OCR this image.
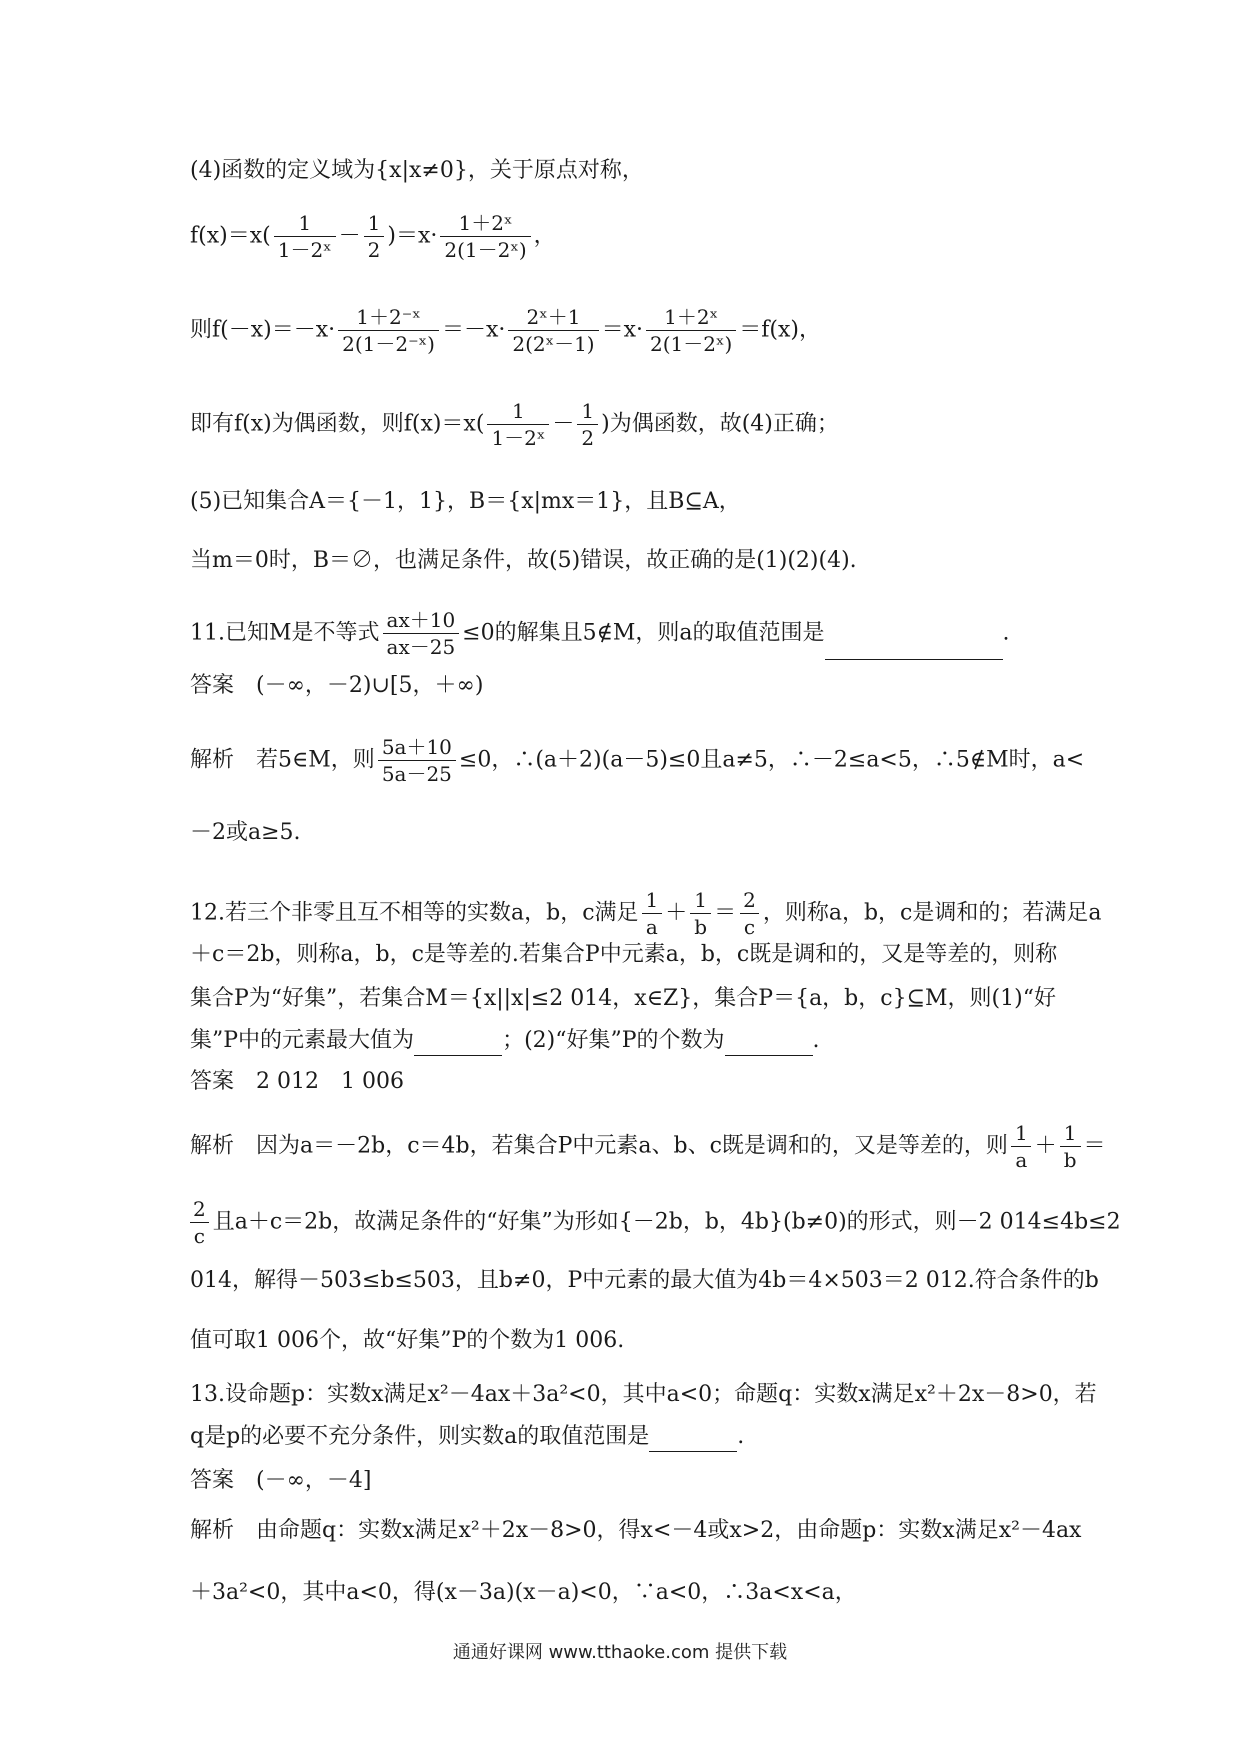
(4)函数的定义域为{x|x≠0}，关于原点对称，
$f(x)=x( \frac{1}{\text{1－2ˣ}} - \frac{1}{2} )=x\cdot \frac{\text{1＋2ˣ}}{\text{2(1－2ˣ)}}$ ，
则$f(-x)=-x\cdot \frac{\text{1＋2⁻ˣ}}{\text{2(1－2⁻ˣ)}} =-x\cdot \frac{\text{2ˣ＋1}}{\text{2(2ˣ－1)}} =x\cdot \frac{\text{1＋2ˣ}}{\text{2(1－2ˣ)}} =f(x)$，
即有f(x)为偶函数，则$f(x)=x( \frac{1}{\text{1－2ˣ}} - \frac{1}{2}$ )为偶函数，故(4)正确；
(5)已知集合A＝{－1，1}，B＝{x|mx＝1}，且B⊆A，
当m＝0时，B＝∅，也满足条件，故(5)错误，故正确的是(1)(2)(4).
11.已知M是不等式 $\frac{ax+10}{ax-25} \le 0$的解集且5∉M，则a的取值范围是	.
答案　(－∞，－2)∪[5，＋∞)
解析　若5∈M，则 $\frac{5a+10}{5a-25} \le 0$，∴(a＋2)(a－5)≤0且a≠5，∴－2≤a<5，∴5∉M时，a<
－2或a≥5.
12.若三个非零且互不相等的实数a，b，c满足 $\frac{1}{a} + \frac{1}{b} = \frac{2}{c}$ ，则称a，b，c是调和的；若满足a
＋c＝2b，则称a，b，c是等差的.若集合P中元素a，b，c既是调和的，又是等差的，则称
集合P为“好集”，若集合M＝{x||x|≤2 014，x∈Z}，集合P＝{a，b，c}⊆M，则(1)“好
集”P中的元素最大值为	；(2)“好集”P的个数为	.
答案　2 012　1 006
解析　因为a＝－2b，c＝4b，若集合P中元素a、b、c既是调和的，又是等差的，则 $\frac{1}{a} + \frac{1}{b}$ ＝
$\frac{2}{c}$ 且a＋c＝2b，故满足条件的“好集”为形如{－2b，b，4b}(b≠0)的形式，则－2 014≤4b≤2
014，解得－503≤b≤503，且b≠0，P中元素的最大值为4b＝4×503＝2 012.符合条件的b
值可取1 006个，故“好集”P的个数为1 006.
13.设命题p：实数x满足x²－4ax＋3a²<0，其中a<0；命题q：实数x满足x²＋2x－8>0，若
q是p的必要不充分条件，则实数a的取值范围是	.
答案　(－∞，－4]
解析　由命题q：实数x满足x²＋2x－8>0，得x<－4或x>2，由命题p：实数x满足x²－4ax
＋3a²<0，其中a<0，得(x－3a)(x－a)<0，∵a<0，∴3a<x<a，
通通好课网 www.tthaoke.com 提供下载
